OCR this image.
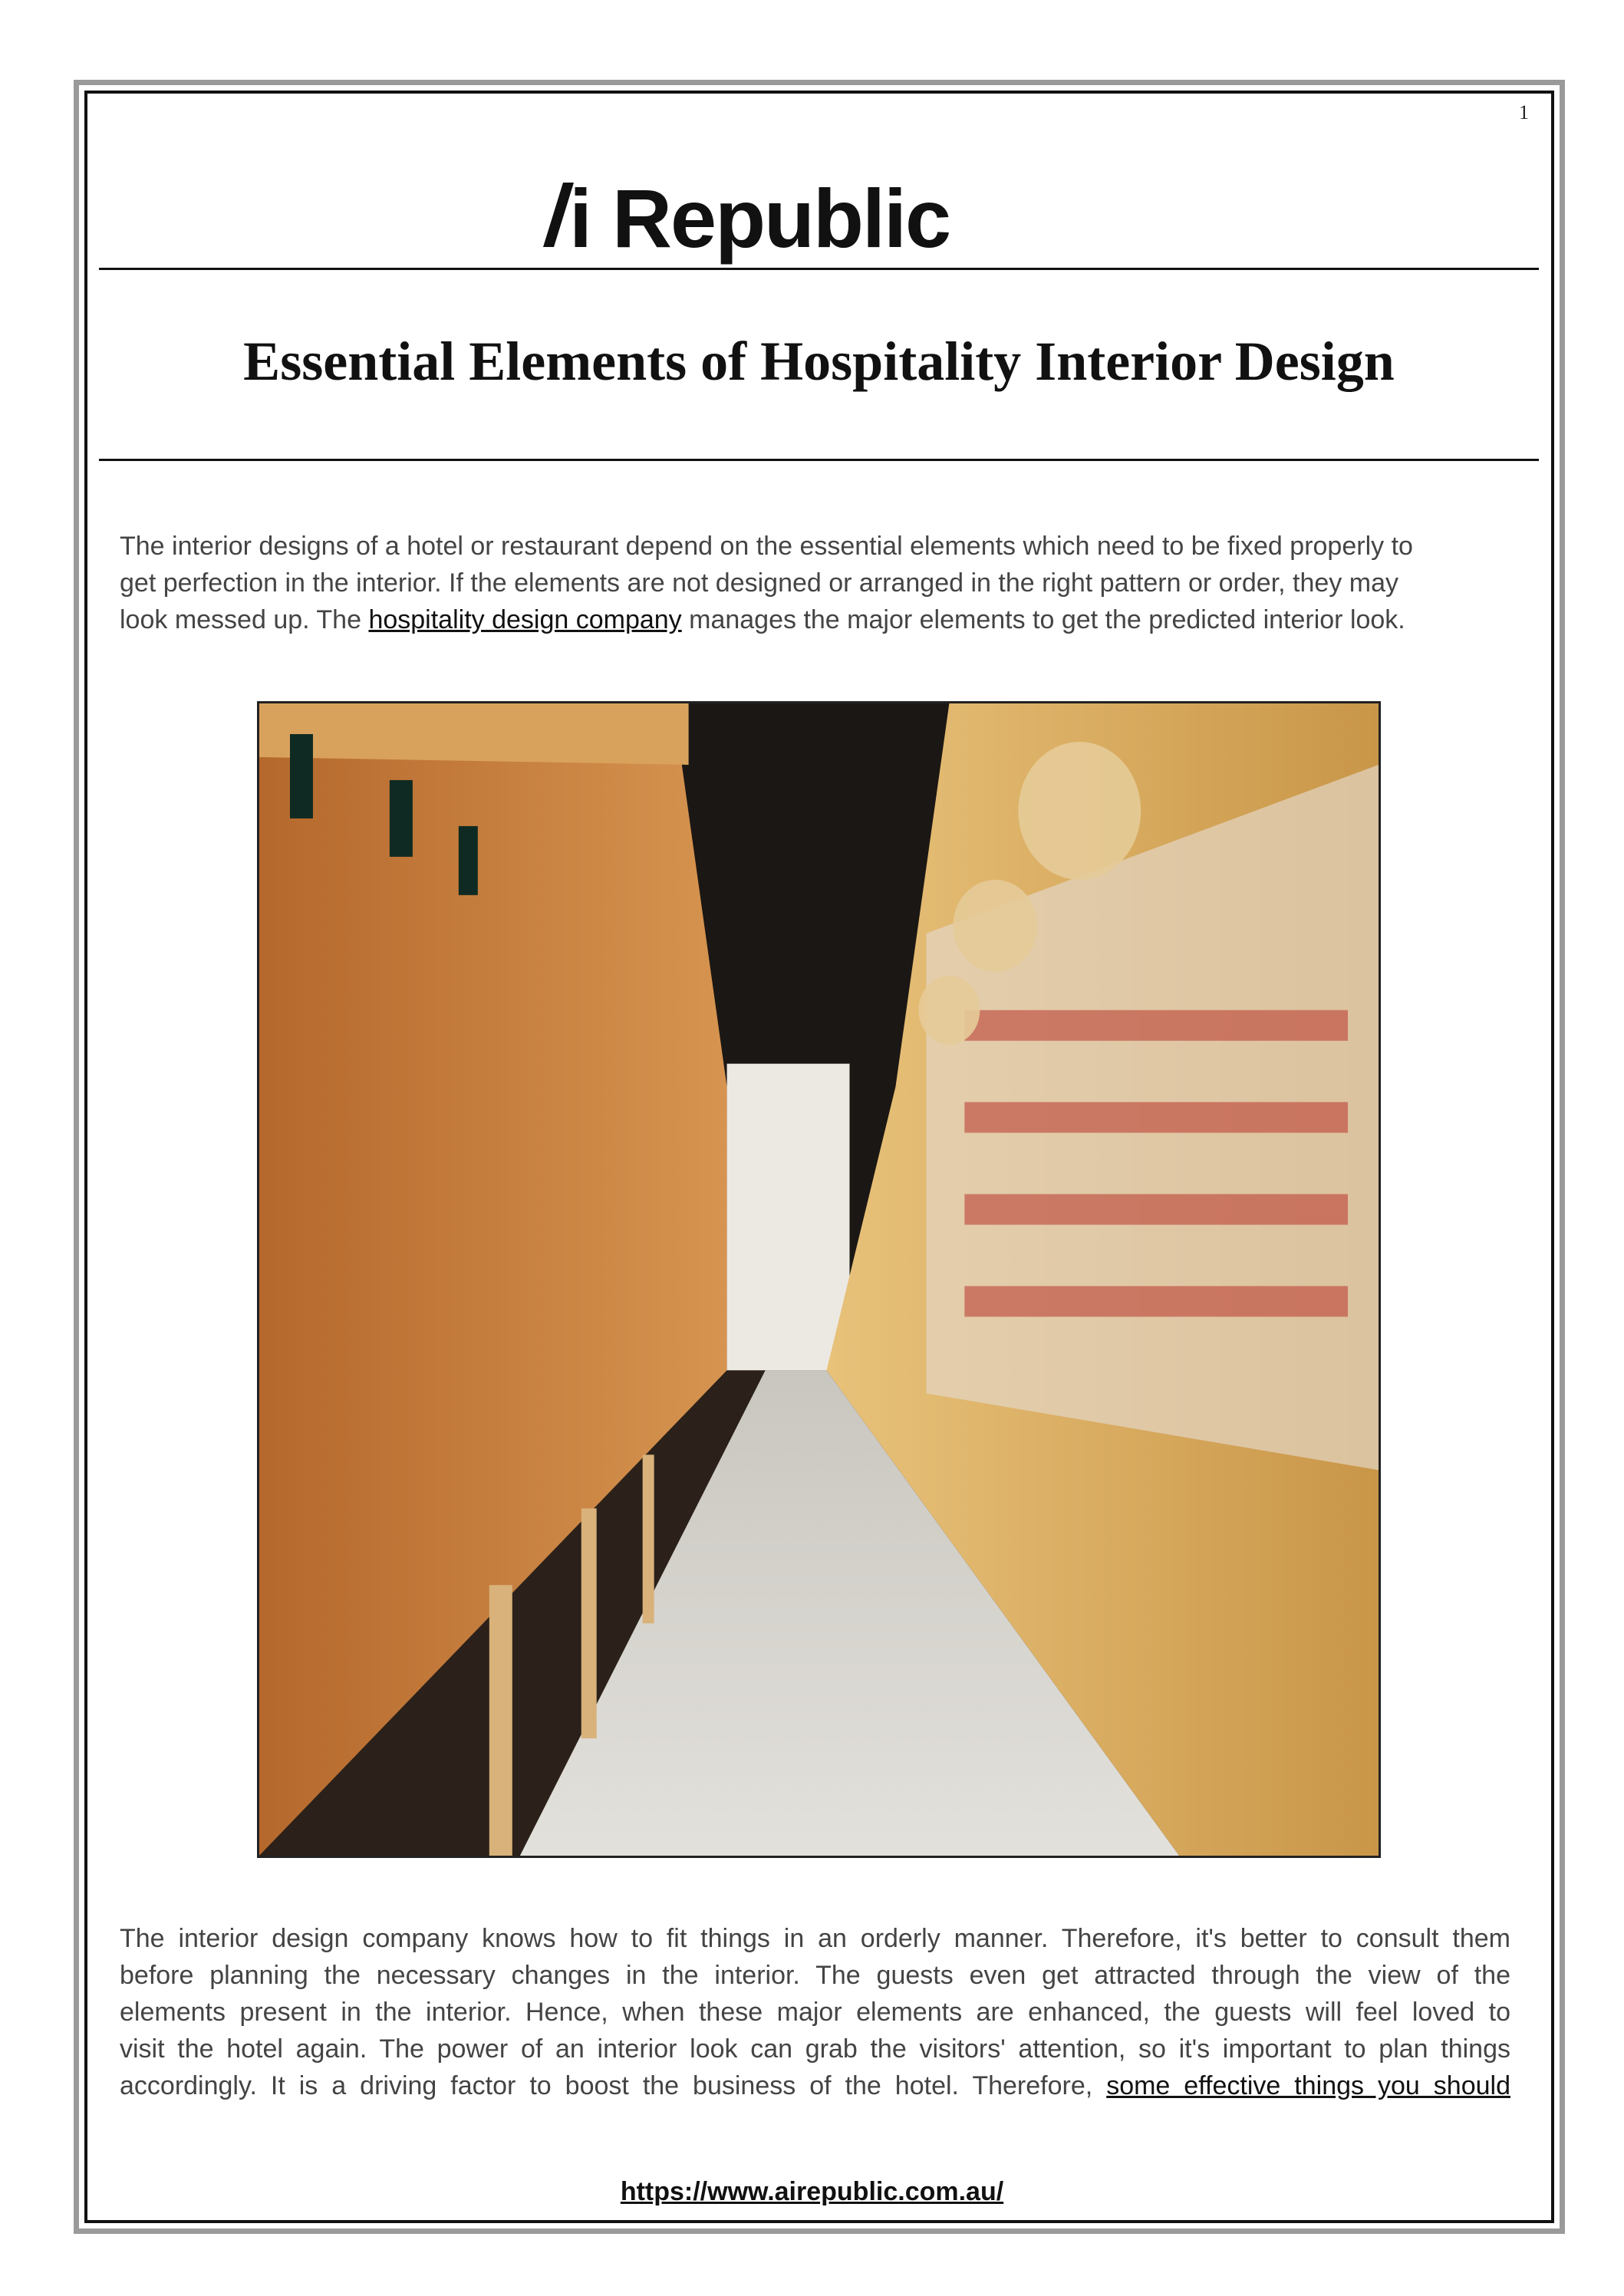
1
i Republic
Essential Elements of Hospitality Interior Design
The interior designs of a hotel or restaurant depend on the essential elements which need to be fixed properly to
get perfection in the interior. If the elements are not designed or arranged in the right pattern or order, they may
look messed up. The hospitality design company manages the major elements to get the predicted interior look.
The interior design company knows how to fit things in an orderly manner. Therefore, it's better to consult them
before planning the necessary changes in the interior. The guests even get attracted through the view of the
elements present in the interior. Hence, when these major elements are enhanced, the guests will feel loved to
visit the hotel again. The power of an interior look can grab the visitors' attention, so it's important to plan things
accordingly. It is a driving factor to boost the business of the hotel. Therefore, some effective things you should
https://www.airepublic.com.au/
